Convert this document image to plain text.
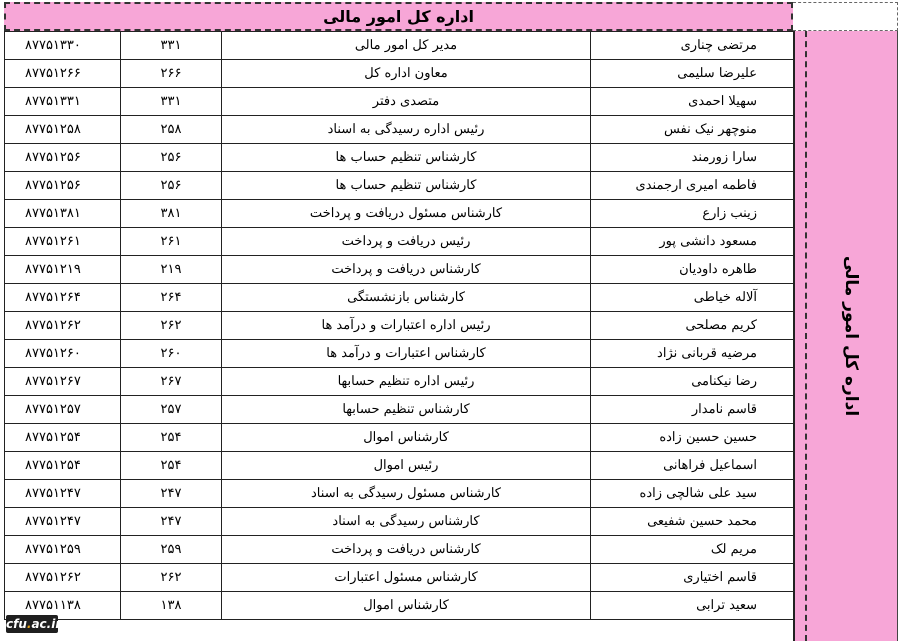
اداره کل امور مالی
۸۷۷۵۱۳۳۰	۳۳۱	مدیر کل امور مالی	مرتضی چناری
۸۷۷۵۱۲۶۶	۲۶۶	معاون اداره کل	علیرضا سلیمی
۸۷۷۵۱۳۳۱	۳۳۱	متصدی دفتر	سهیلا احمدی
۸۷۷۵۱۲۵۸	۲۵۸	رئیس اداره رسیدگی به اسناد	منوچهر نیک نفس
۸۷۷۵۱۲۵۶	۲۵۶	کارشناس تنظیم حساب ها	سارا زورمند
۸۷۷۵۱۲۵۶	۲۵۶	کارشناس تنظیم حساب ها	فاطمه امیری ارجمندی
۸۷۷۵۱۳۸۱	۳۸۱	کارشناس مسئول دریافت و پرداخت	زینب زارع
۸۷۷۵۱۲۶۱	۲۶۱	رئیس دریافت و پرداخت	مسعود دانشی پور
۸۷۷۵۱۲۱۹	۲۱۹	کارشناس دریافت و پرداخت	طاهره داودیان
۸۷۷۵۱۲۶۴	۲۶۴	کارشناس بازنشستگی	آلاله خیاطی
۸۷۷۵۱۲۶۲	۲۶۲	رئیس اداره اعتبارات و درآمد ها	کریم مصلحی
۸۷۷۵۱۲۶۰	۲۶۰	کارشناس اعتبارات و درآمد ها	مرضیه قربانی نژاد
۸۷۷۵۱۲۶۷	۲۶۷	رئیس اداره تنظیم حسابها	رضا نیکنامی
۸۷۷۵۱۲۵۷	۲۵۷	کارشناس تنظیم حسابها	قاسم نامدار
۸۷۷۵۱۲۵۴	۲۵۴	کارشناس اموال	حسین حسین زاده
۸۷۷۵۱۲۵۴	۲۵۴	رئیس اموال	اسماعیل فراهانی
۸۷۷۵۱۲۴۷	۲۴۷	کارشناس مسئول رسیدگی به اسناد	سید علی شالچی زاده
۸۷۷۵۱۲۴۷	۲۴۷	کارشناس رسیدگی به اسناد	محمد حسین شفیعی
۸۷۷۵۱۲۵۹	۲۵۹	کارشناس دریافت و پرداخت	مریم لک
۸۷۷۵۱۲۶۲	۲۶۲	کارشناس مسئول اعتبارات	قاسم اختیاری
۸۷۷۵۱۱۳۸	۱۳۸	کارشناس اموال	سعید ترابی
اداره کل امور مالی
cfu.ac.ir
